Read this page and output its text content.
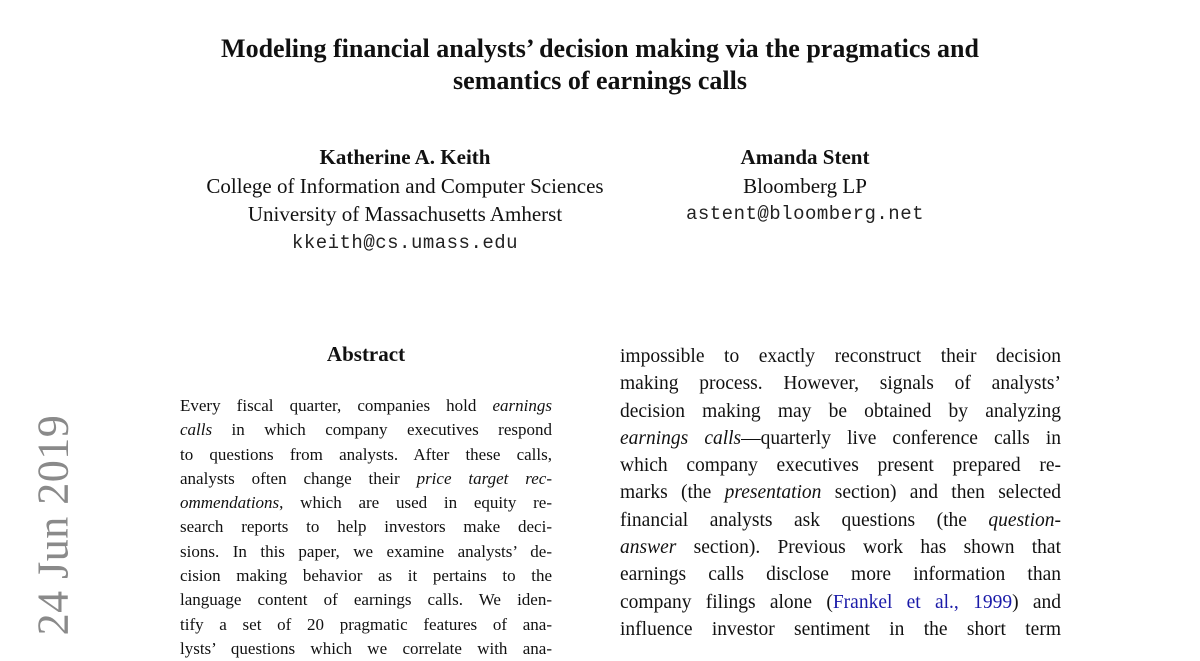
Modeling financial analysts’ decision making via the pragmatics and
semantics of earnings calls
Katherine A. Keith
College of Information and Computer Sciences
University of Massachusetts Amherst
kkeith@cs.umass.edu
Amanda Stent
Bloomberg LP
astent@bloomberg.net
24 Jun 2019
Abstract
Every fiscal quarter, companies hold earnings
calls in which company executives respond
to questions from analysts. After these calls,
analysts often change their price target rec-
ommendations, which are used in equity re-
search reports to help investors make deci-
sions. In this paper, we examine analysts’ de-
cision making behavior as it pertains to the
language content of earnings calls. We iden-
tify a set of 20 pragmatic features of ana-
lysts’ questions which we correlate with ana-
impossible to exactly reconstruct their decision
making process. However, signals of analysts’
decision making may be obtained by analyzing
earnings calls—quarterly live conference calls in
which company executives present prepared re-
marks (the presentation section) and then selected
financial analysts ask questions (the question-
answer section). Previous work has shown that
earnings calls disclose more information than
company filings alone (Frankel et al., 1999) and
influence investor sentiment in the short term
